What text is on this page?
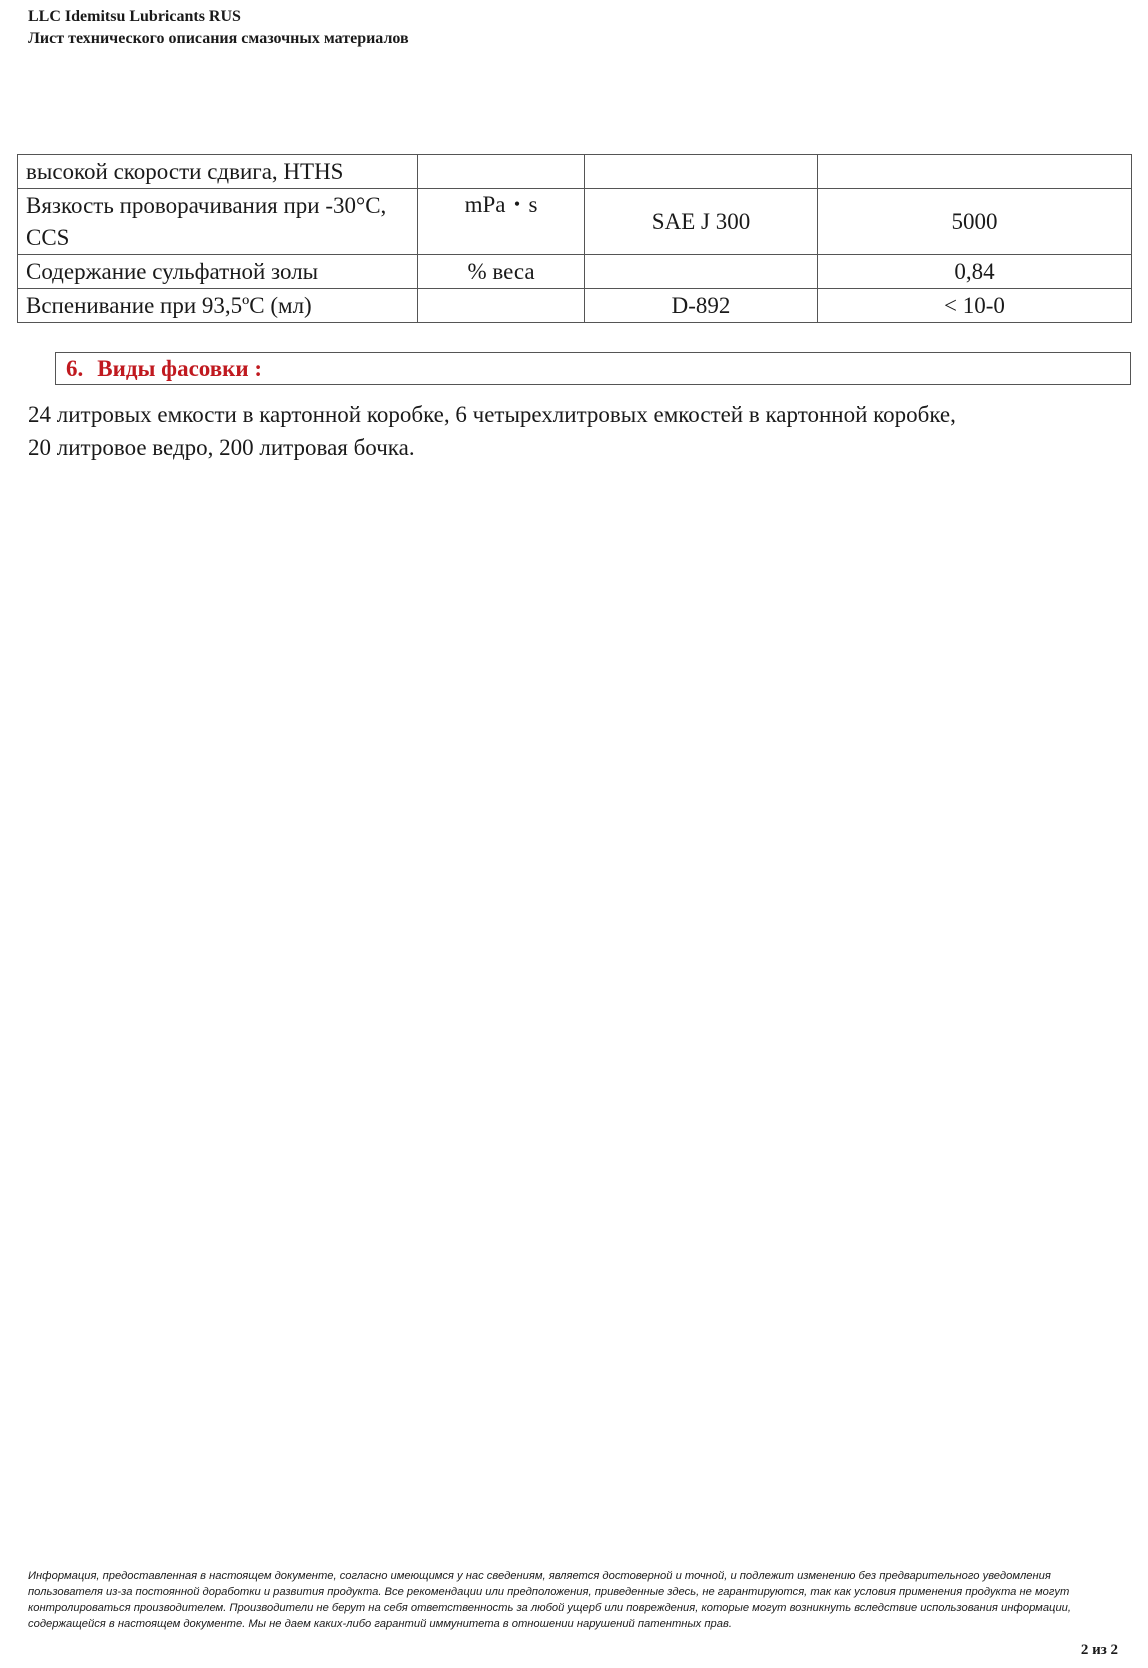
LLC Idemitsu Lubricants RUS
Лист технического описания смазочных материалов
высокой скорости сдвига, HTHS			
Вязкость проворачивания при -30°C, CCS	mPa・s	SAE J 300	5000
Содержание сульфатной золы	% веса		0,84
Вспенивание при 93,5ºС (мл)		D-892	< 10-0
6. Виды фасовки :
24 литровых емкости в картонной коробке, 6 четырехлитровых емкостей в картонной коробке,
20 литровое ведро, 200 литровая бочка.
Информация, предоставленная в настоящем документе, согласно имеющимся у нас сведениям, является достоверной и точной, и подлежит изменению без предварительного уведомления пользователя из-за постоянной доработки и развития продукта. Все рекомендации или предположения, приведенные здесь, не гарантируются, так как условия применения продукта не могут контролироваться производителем. Производители не берут на себя ответственность за любой ущерб или повреждения, которые могут возникнуть вследствие использования информации, содержащейся в настоящем документе. Мы не даем каких-либо гарантий иммунитета в отношении нарушений патентных прав.
2 из 2
